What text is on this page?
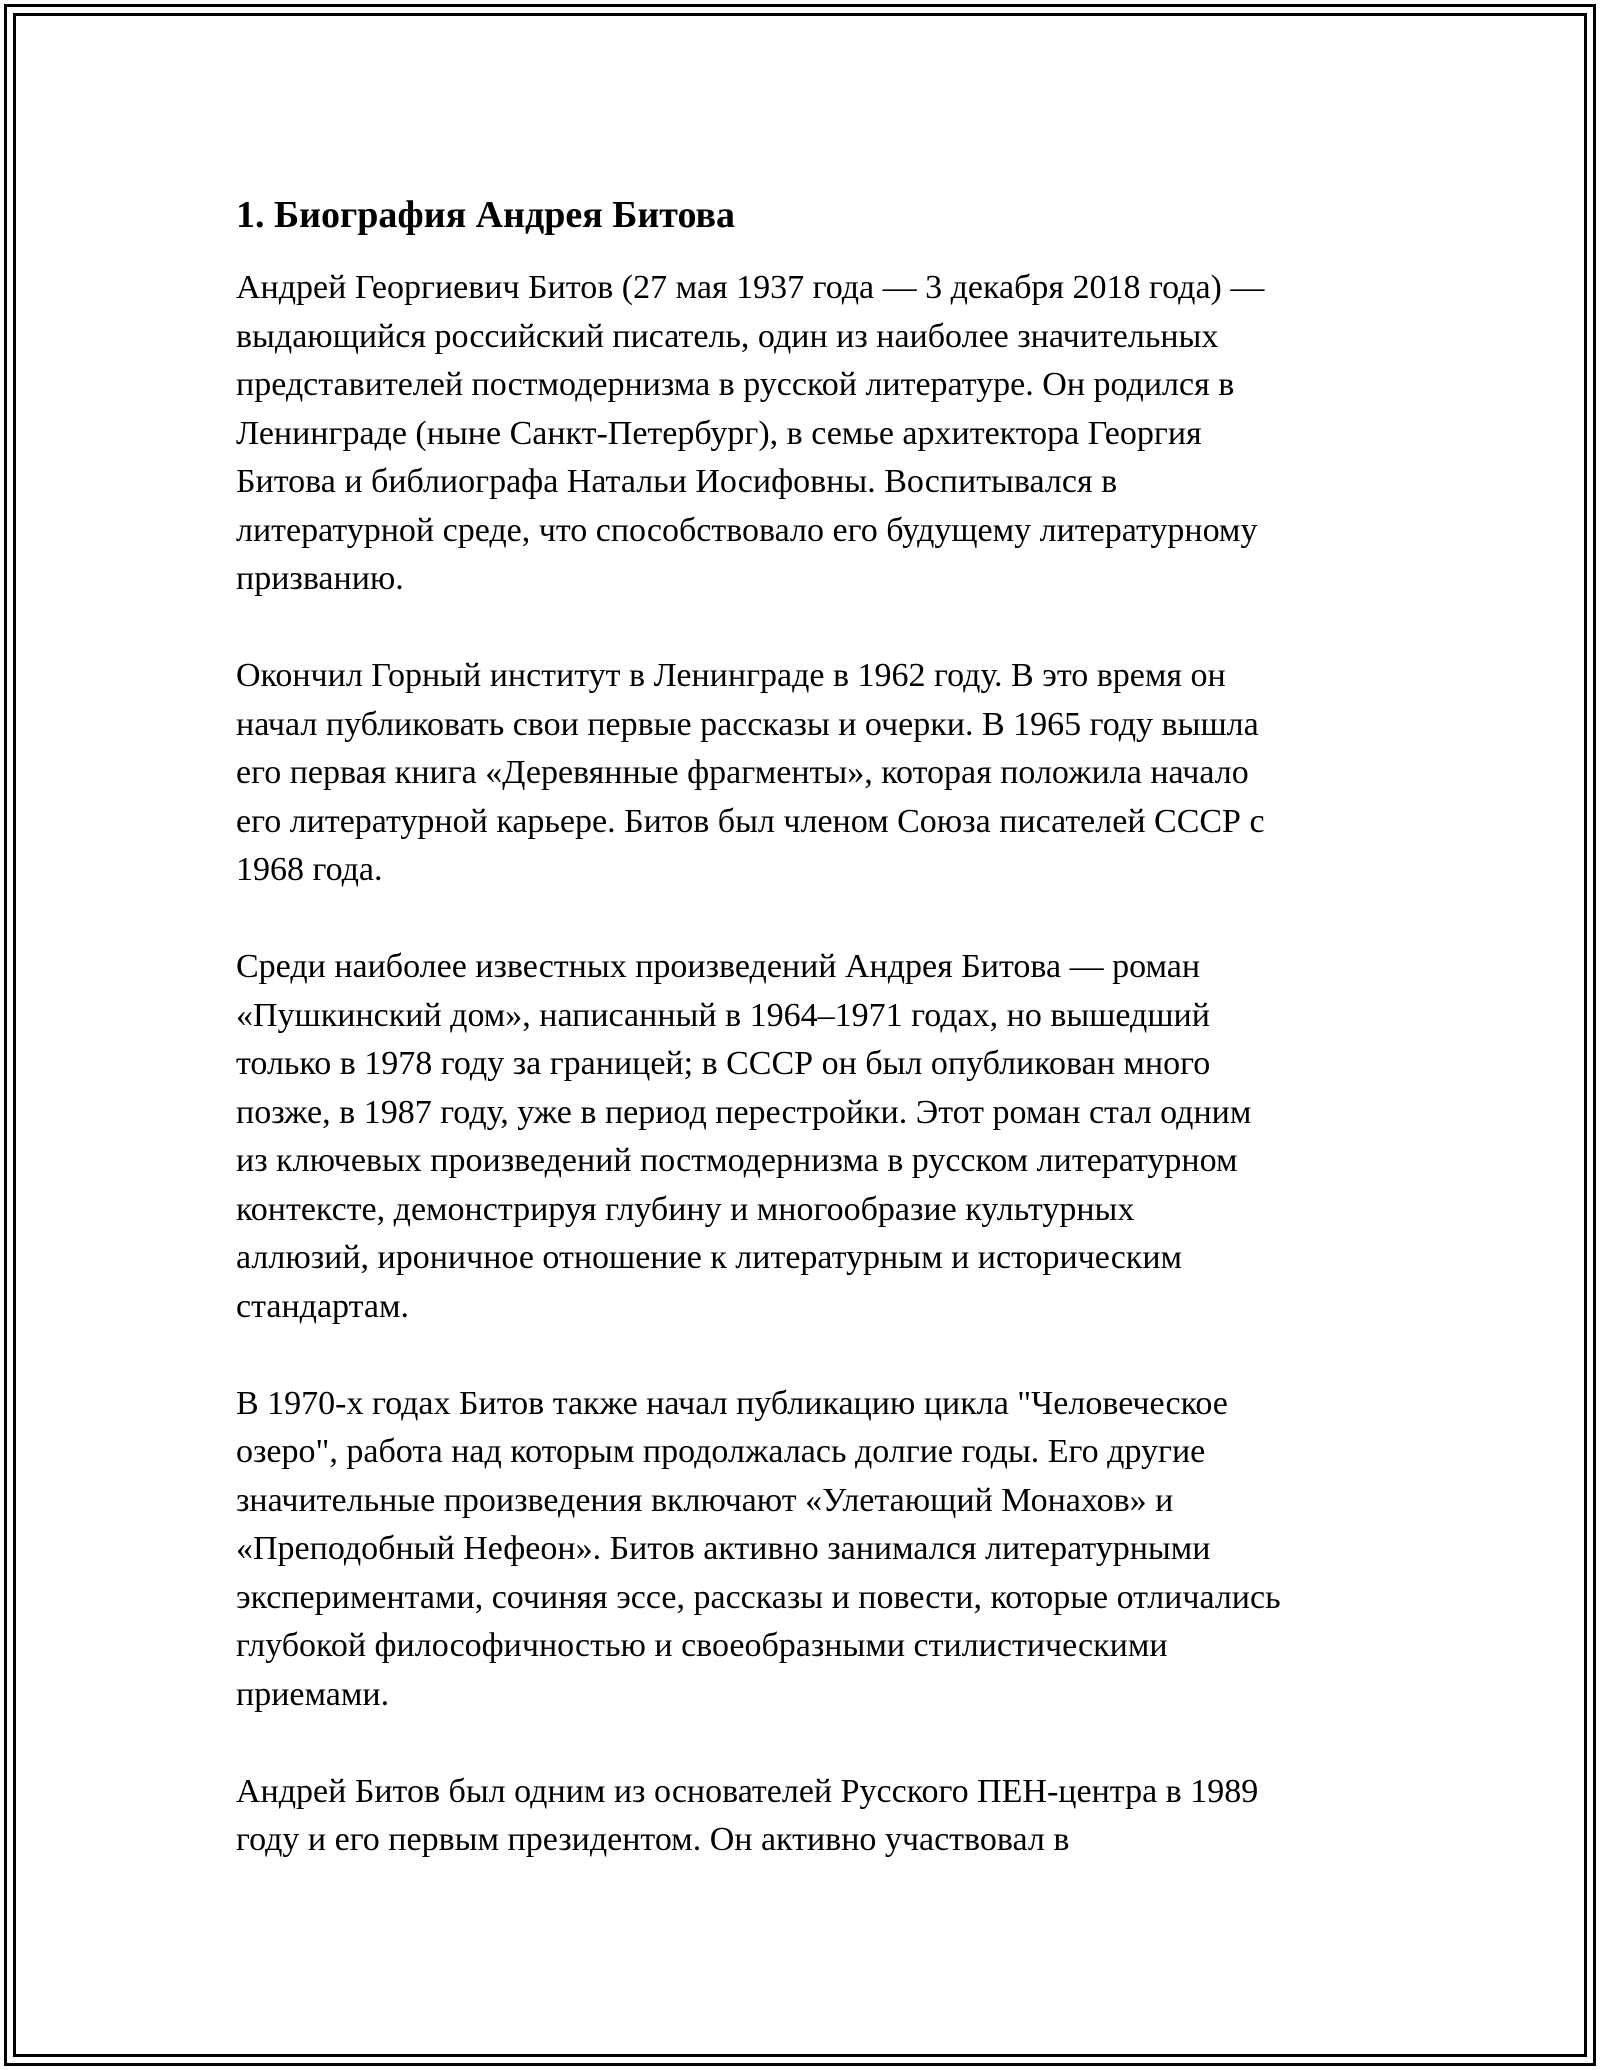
1. Биография Андрея Битова

Андрей Георгиевич Битов (27 мая 1937 года — 3 декабря 2018 года) —
выдающийся российский писатель, один из наиболее значительных
представителей постмодернизма в русской литературе. Он родился в
Ленинграде (ныне Санкт-Петербург), в семье архитектора Георгия
Битова и библиографа Натальи Иосифовны. Воспитывался в
литературной среде, что способствовало его будущему литературному
призванию.

Окончил Горный институт в Ленинграде в 1962 году. В это время он
начал публиковать свои первые рассказы и очерки. В 1965 году вышла
его первая книга «Деревянные фрагменты», которая положила начало
его литературной карьере. Битов был членом Союза писателей СССР с
1968 года.

Среди наиболее известных произведений Андрея Битова — роман
«Пушкинский дом», написанный в 1964–1971 годах, но вышедший
только в 1978 году за границей; в СССР он был опубликован много
позже, в 1987 году, уже в период перестройки. Этот роман стал одним
из ключевых произведений постмодернизма в русском литературном
контексте, демонстрируя глубину и многообразие культурных
аллюзий, ироничное отношение к литературным и историческим
стандартам.

В 1970-х годах Битов также начал публикацию цикла "Человеческое
озеро", работа над которым продолжалась долгие годы. Его другие
значительные произведения включают «Улетающий Монахов» и
«Преподобный Нефеон». Битов активно занимался литературными
экспериментами, сочиняя эссе, рассказы и повести, которые отличались
глубокой философичностью и своеобразными стилистическими
приемами.

Андрей Битов был одним из основателей Русского ПЕН-центра в 1989
году и его первым президентом. Он активно участвовал в
